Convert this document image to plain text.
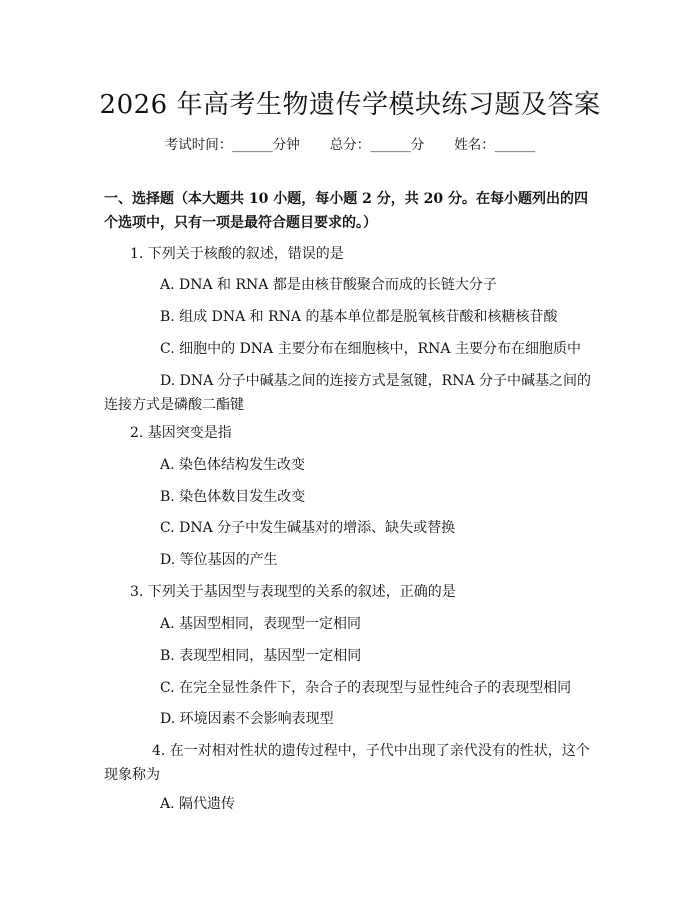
2026 年高考生物遗传学模块练习题及答案
考试时间：______分钟 总分：______分 姓名：______

一、选择题（本大题共 10 小题，每小题 2 分，共 20 分。在每小题列出的四个选项中，只有一项是最符合题目要求的。）

1. 下列关于核酸的叙述，错误的是
A. DNA 和 RNA 都是由核苷酸聚合而成的长链大分子
B. 组成 DNA 和 RNA 的基本单位都是脱氧核苷酸和核糖核苷酸
C. 细胞中的 DNA 主要分布在细胞核中，RNA 主要分布在细胞质中
D. DNA 分子中碱基之间的连接方式是氢键，RNA 分子中碱基之间的连接方式是磷酸二酯键
2. 基因突变是指
A. 染色体结构发生改变
B. 染色体数目发生改变
C. DNA 分子中发生碱基对的增添、缺失或替换
D. 等位基因的产生
3. 下列关于基因型与表现型的关系的叙述，正确的是
A. 基因型相同，表现型一定相同
B. 表现型相同，基因型一定相同
C. 在完全显性条件下，杂合子的表现型与显性纯合子的表现型相同
D. 环境因素不会影响表现型
4. 在一对相对性状的遗传过程中，子代中出现了亲代没有的性状，这个现象称为
A. 隔代遗传
